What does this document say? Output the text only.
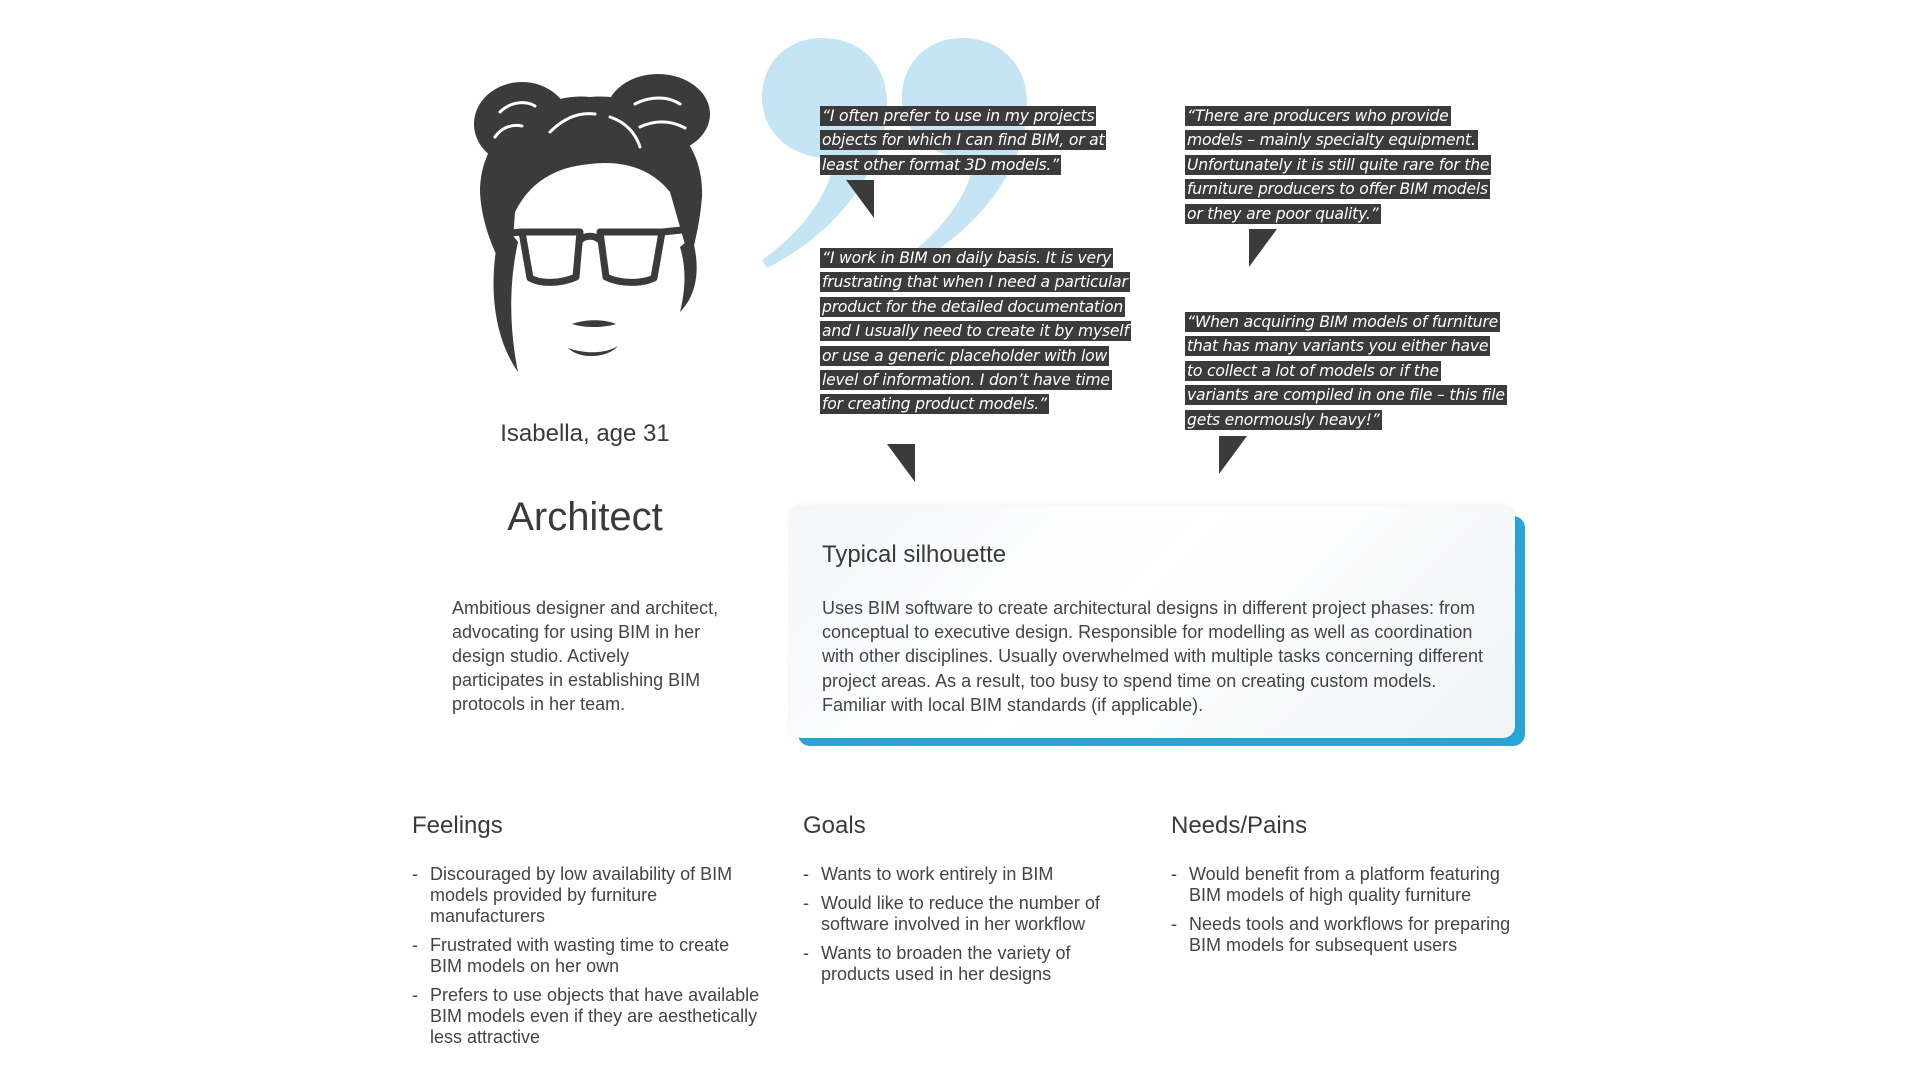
Isabella, age 31
Architect
Ambitious designer and architect, advocating for using BIM in her design studio. Actively participates in establishing BIM protocols in her team.
“I often prefer to use in my projects objects for which I can find BIM, or at least other format 3D models.”
“I work in BIM on daily basis. It is very frustrating that when I need a particular product for the detailed documentation and I usually need to create it by myself or use a generic placeholder with low level of information. I don’t have time for creating product models.”
“There are producers who provide models – mainly specialty equipment. Unfortunately it is still quite rare for the furniture producers to offer BIM models or they are poor quality.”
“When acquiring BIM models of furniture that has many variants you either have to collect a lot of models or if the variants are compiled in one file – this file gets enormously heavy!”
Typical silhouette
Uses BIM software to create architectural designs in different project phases: from conceptual to executive design. Responsible for modelling as well as coordination with other disciplines. Usually overwhelmed with multiple tasks concerning different project areas. As a result, too busy to spend time on creating custom models. Familiar with local BIM standards (if applicable).
Feelings
- Discouraged by low availability of BIM models provided by furniture manufacturers
- Frustrated with wasting time to create BIM models on her own
- Prefers to use objects that have available BIM models even if they are aesthetically   less attractive
Goals
- Wants to work entirely in BIM
- Would like to reduce the number of software involved in her workflow
- Wants to broaden the variety of products used in her designs
Needs/Pains
- Would benefit from a platform featuring BIM models of high quality furniture
- Needs tools and workflows for preparing BIM models for subsequent users
